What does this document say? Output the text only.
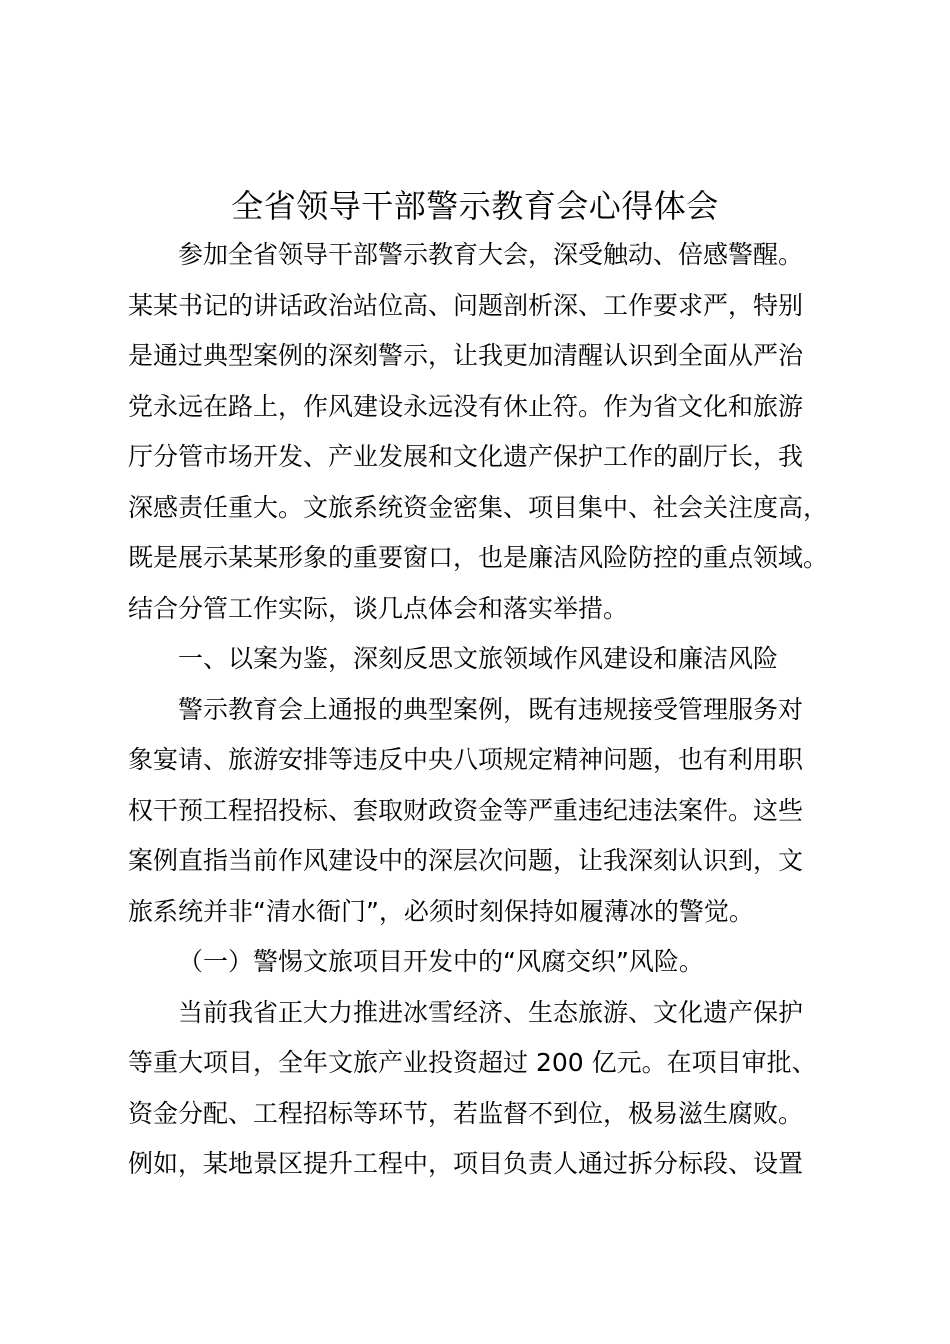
全省领导干部警示教育会心得体会
参加全省领导干部警示教育大会，深受触动、倍感警醒。
某某书记的讲话政治站位高、问题剖析深、工作要求严，特别
是通过典型案例的深刻警示，让我更加清醒认识到全面从严治
党永远在路上，作风建设永远没有休止符。作为省文化和旅游
厅分管市场开发、产业发展和文化遗产保护工作的副厅长，我
深感责任重大。文旅系统资金密集、项目集中、社会关注度高，
既是展示某某形象的重要窗口，也是廉洁风险防控的重点领域。
结合分管工作实际，谈几点体会和落实举措。
一、以案为鉴，深刻反思文旅领域作风建设和廉洁风险
警示教育会上通报的典型案例，既有违规接受管理服务对
象宴请、旅游安排等违反中央八项规定精神问题，也有利用职
权干预工程招投标、套取财政资金等严重违纪违法案件。这些
案例直指当前作风建设中的深层次问题，让我深刻认识到，文
旅系统并非“清水衙门”，必须时刻保持如履薄冰的警觉。
（一）警惕文旅项目开发中的“风腐交织”风险。
当前我省正大力推进冰雪经济、生态旅游、文化遗产保护
等重大项目，全年文旅产业投资超过 200 亿元。在项目审批、
资金分配、工程招标等环节，若监督不到位，极易滋生腐败。
例如，某地景区提升工程中，项目负责人通过拆分标段、设置
